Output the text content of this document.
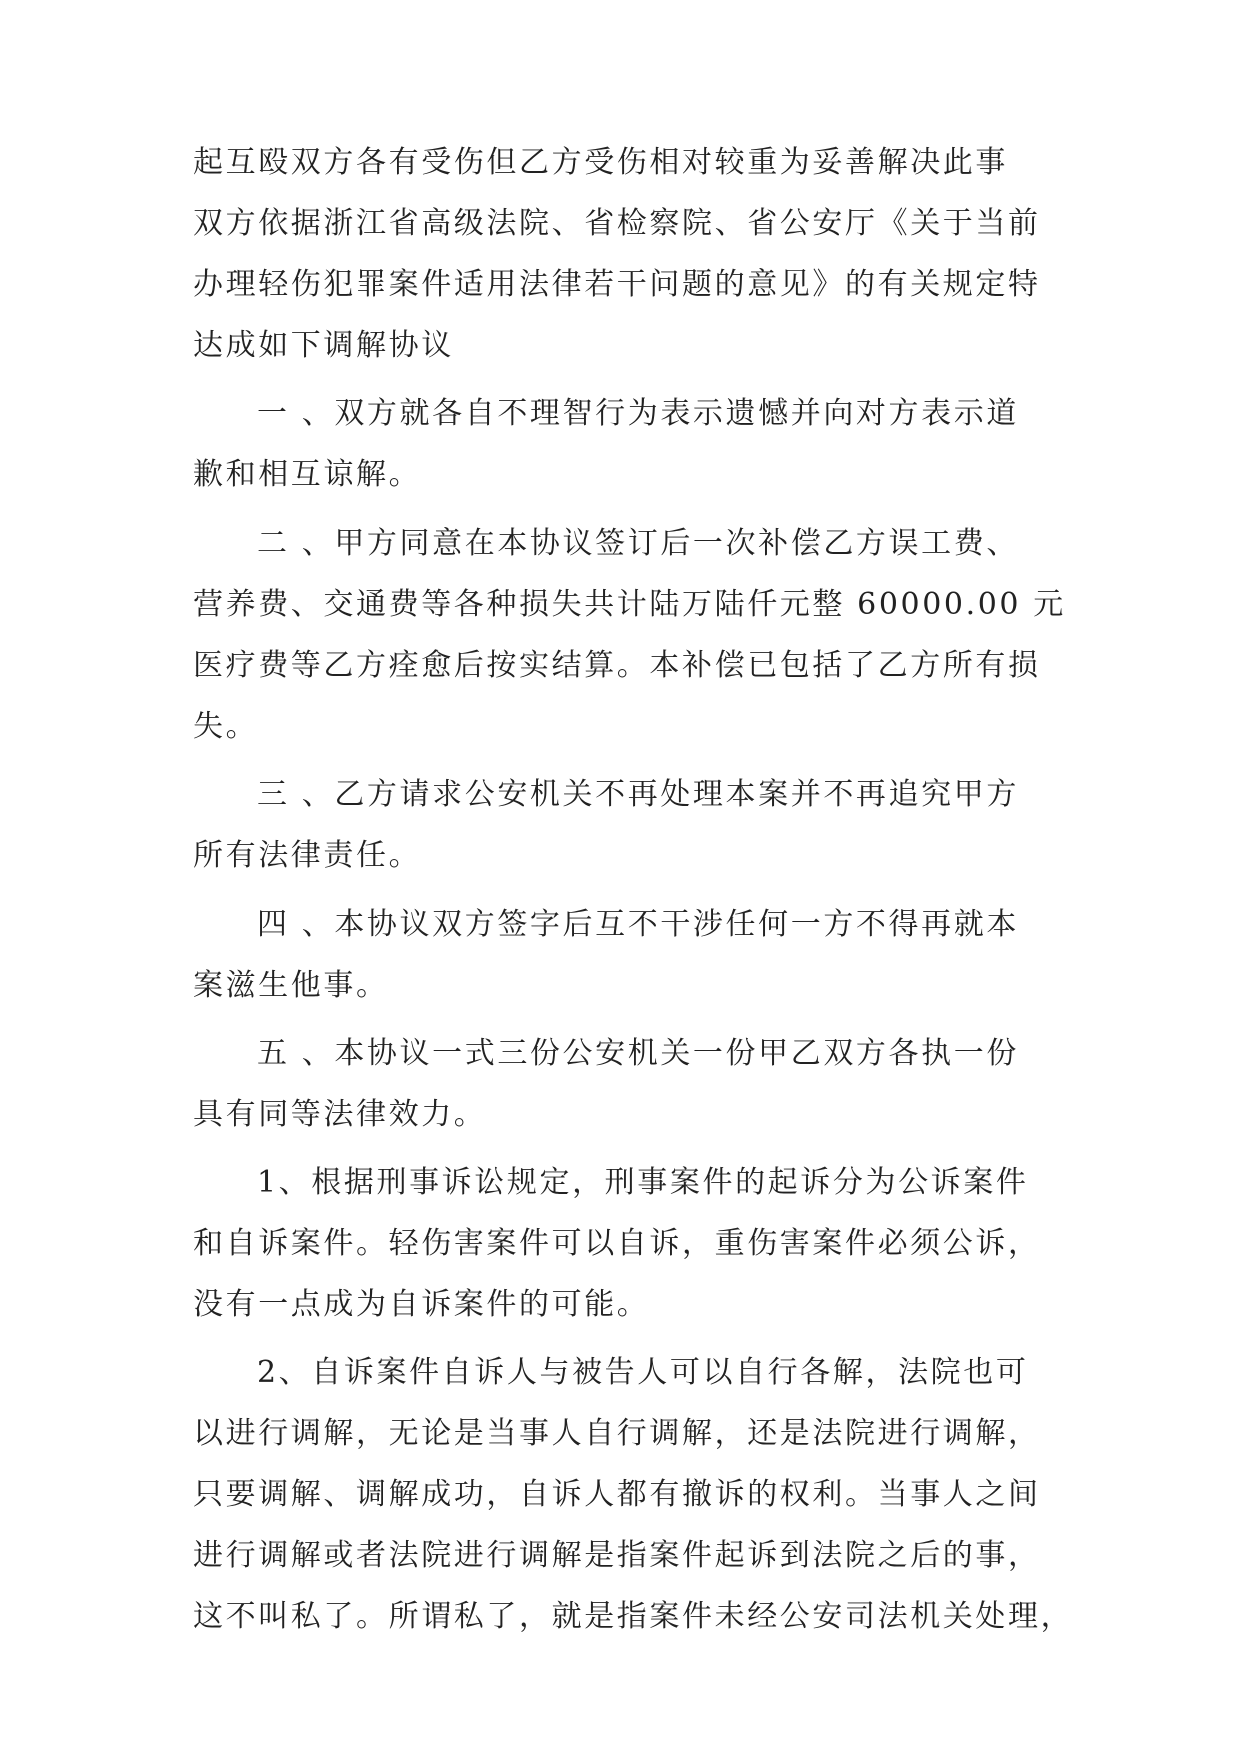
起互殴双方各有受伤但乙方受伤相对较重为妥善解决此事
双方依据浙江省高级法院、省检察院、省公安厅《关于当前
办理轻伤犯罪案件适用法律若干问题的意见》的有关规定特
达成如下调解协议
一 、双方就各自不理智行为表示遗憾并向对方表示道
歉和相互谅解。
二 、甲方同意在本协议签订后一次补偿乙方误工费、
营养费、交通费等各种损失共计陆万陆仟元整 60000.00 元
医疗费等乙方痊愈后按实结算。本补偿已包括了乙方所有损
失。
三 、乙方请求公安机关不再处理本案并不再追究甲方
所有法律责任。
四 、本协议双方签字后互不干涉任何一方不得再就本
案滋生他事。
五 、本协议一式三份公安机关一份甲乙双方各执一份
具有同等法律效力。
1、根据刑事诉讼规定，刑事案件的起诉分为公诉案件
和自诉案件。轻伤害案件可以自诉，重伤害案件必须公诉，
没有一点成为自诉案件的可能。
2、自诉案件自诉人与被告人可以自行各解，法院也可
以进行调解，无论是当事人自行调解，还是法院进行调解，
只要调解、调解成功，自诉人都有撤诉的权利。当事人之间
进行调解或者法院进行调解是指案件起诉到法院之后的事，
这不叫私了。所谓私了，就是指案件未经公安司法机关处理，
